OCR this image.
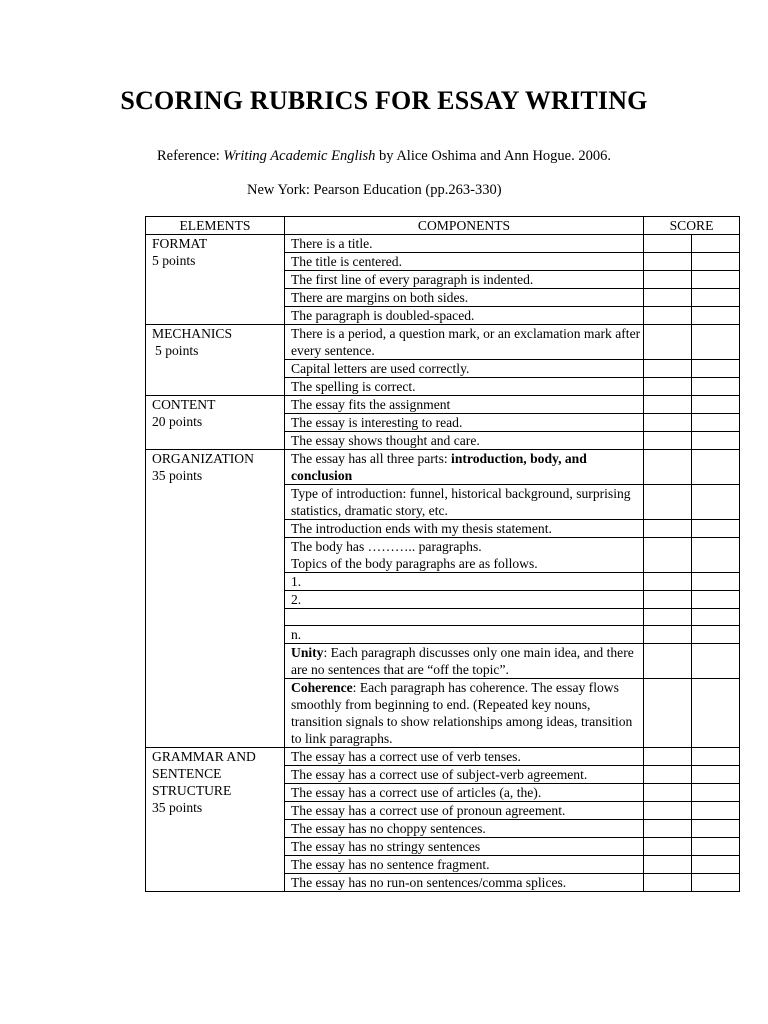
SCORING RUBRICS FOR ESSAY WRITING
Reference: Writing Academic English by Alice Oshima and Ann Hogue. 2006.
New York: Pearson Education (pp.263-330)
ELEMENTS	COMPONENTS	SCORE	

FORMAT
5 points	There is a title.		
	The title is centered.		
	The first line of every paragraph is indented.		
	There are margins on both sides.		
	The paragraph is doubled-spaced.		

MECHANICS
5 points	There is a period, a question mark, or an exclamation mark after every sentence.		
	Capital letters are used correctly.		
	The spelling is correct.		

CONTENT
20 points	The essay fits the assignment		
	The essay is interesting to read.		
	The essay shows thought and care.		

ORGANIZATION
35 points	The essay has all three parts: introduction, body, and conclusion		
	Type of introduction: funnel, historical background, surprising statistics, dramatic story, etc.		
	The introduction ends with my thesis statement.		

	The body has ……….. paragraphs.
Topics of the body paragraphs are as follows.		

	1.		
	2.		

	n.		
	Unity: Each paragraph discusses only one main idea, and there are no sentences that are “off the topic”.		
	Coherence: Each paragraph has coherence. The essay flows smoothly from beginning to end. (Repeated key nouns, transition signals to show relationships among ideas, transition to link paragraphs.		

GRAMMAR AND
SENTENCE
STRUCTURE
35 points	The essay has a correct use of verb tenses.		
	The essay has a correct use of subject-verb agreement.		
	The essay has a correct use of articles (a, the).		
	The essay has a correct use of pronoun agreement.		
	The essay has no choppy sentences.		
	The essay has no stringy sentences		
	The essay has no sentence fragment.		
	The essay has no run-on sentences/comma splices.		
